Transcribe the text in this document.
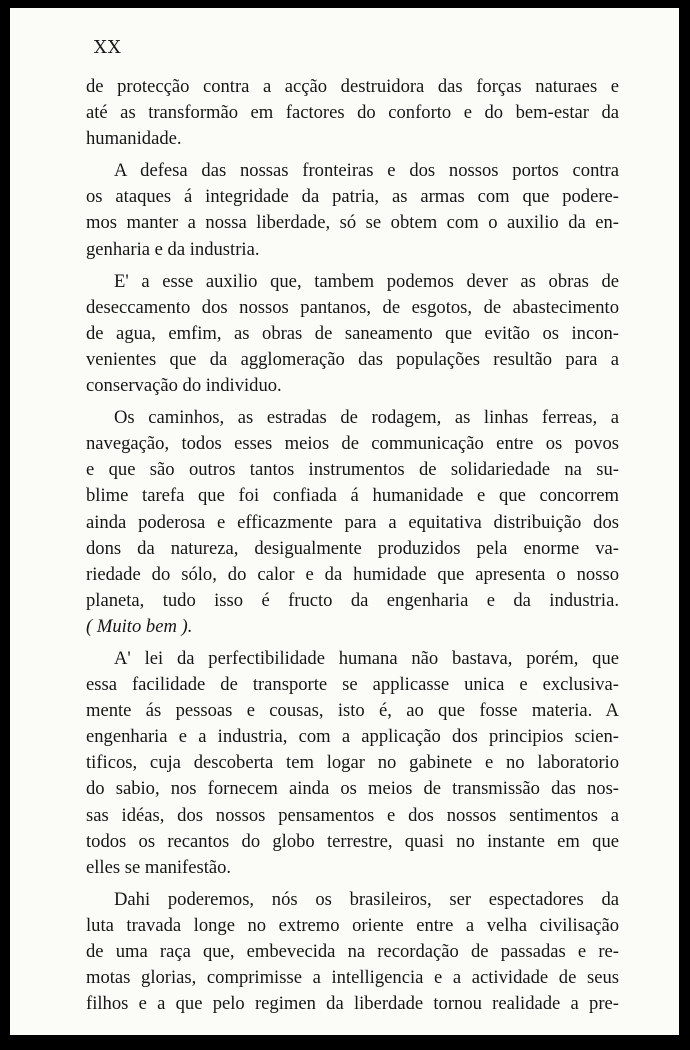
XX
de protecção contra a acção destruidora das forças naturaes e
até as transformão em factores do conforto e do bem-estar da
humanidade.
A defesa das nossas fronteiras e dos nossos portos contra
os ataques á integridade da patria, as armas com que podere-
mos manter a nossa liberdade, só se obtem com o auxilio da en-
genharia e da industria.
E' a esse auxilio que, tambem podemos dever as obras de
deseccamento dos nossos pantanos, de esgotos, de abastecimento
de agua, emfim, as obras de saneamento que evitão os incon-
venientes que da agglomeração das populações resultão para a
conservação do individuo.
Os caminhos, as estradas de rodagem, as linhas ferreas, a
navegação, todos esses meios de communicação entre os povos
e que são outros tantos instrumentos de solidariedade na su-
blime tarefa que foi confiada á humanidade e que concorrem
ainda poderosa e efficazmente para a equitativa distribuição dos
dons da natureza, desigualmente produzidos pela enorme va-
riedade do sólo, do calor e da humidade que apresenta o nosso
planeta, tudo isso é fructo da engenharia e da industria.
( Muito bem ).
A' lei da perfectibilidade humana não bastava, porém, que
essa facilidade de transporte se applicasse unica e exclusiva-
mente ás pessoas e cousas, isto é, ao que fosse materia. A
engenharia e a industria, com a applicação dos principios scien-
tificos, cuja descoberta tem logar no gabinete e no laboratorio
do sabio, nos fornecem ainda os meios de transmissão das nos-
sas idéas, dos nossos pensamentos e dos nossos sentimentos a
todos os recantos do globo terrestre, quasi no instante em que
elles se manifestão.
Dahi poderemos, nós os brasileiros, ser espectadores da
luta travada longe no extremo oriente entre a velha civilisação
de uma raça que, embevecida na recordação de passadas e re-
motas glorias, comprimisse a intelligencia e a actividade de seus
filhos e a que pelo regimen da liberdade tornou realidade a pre-
